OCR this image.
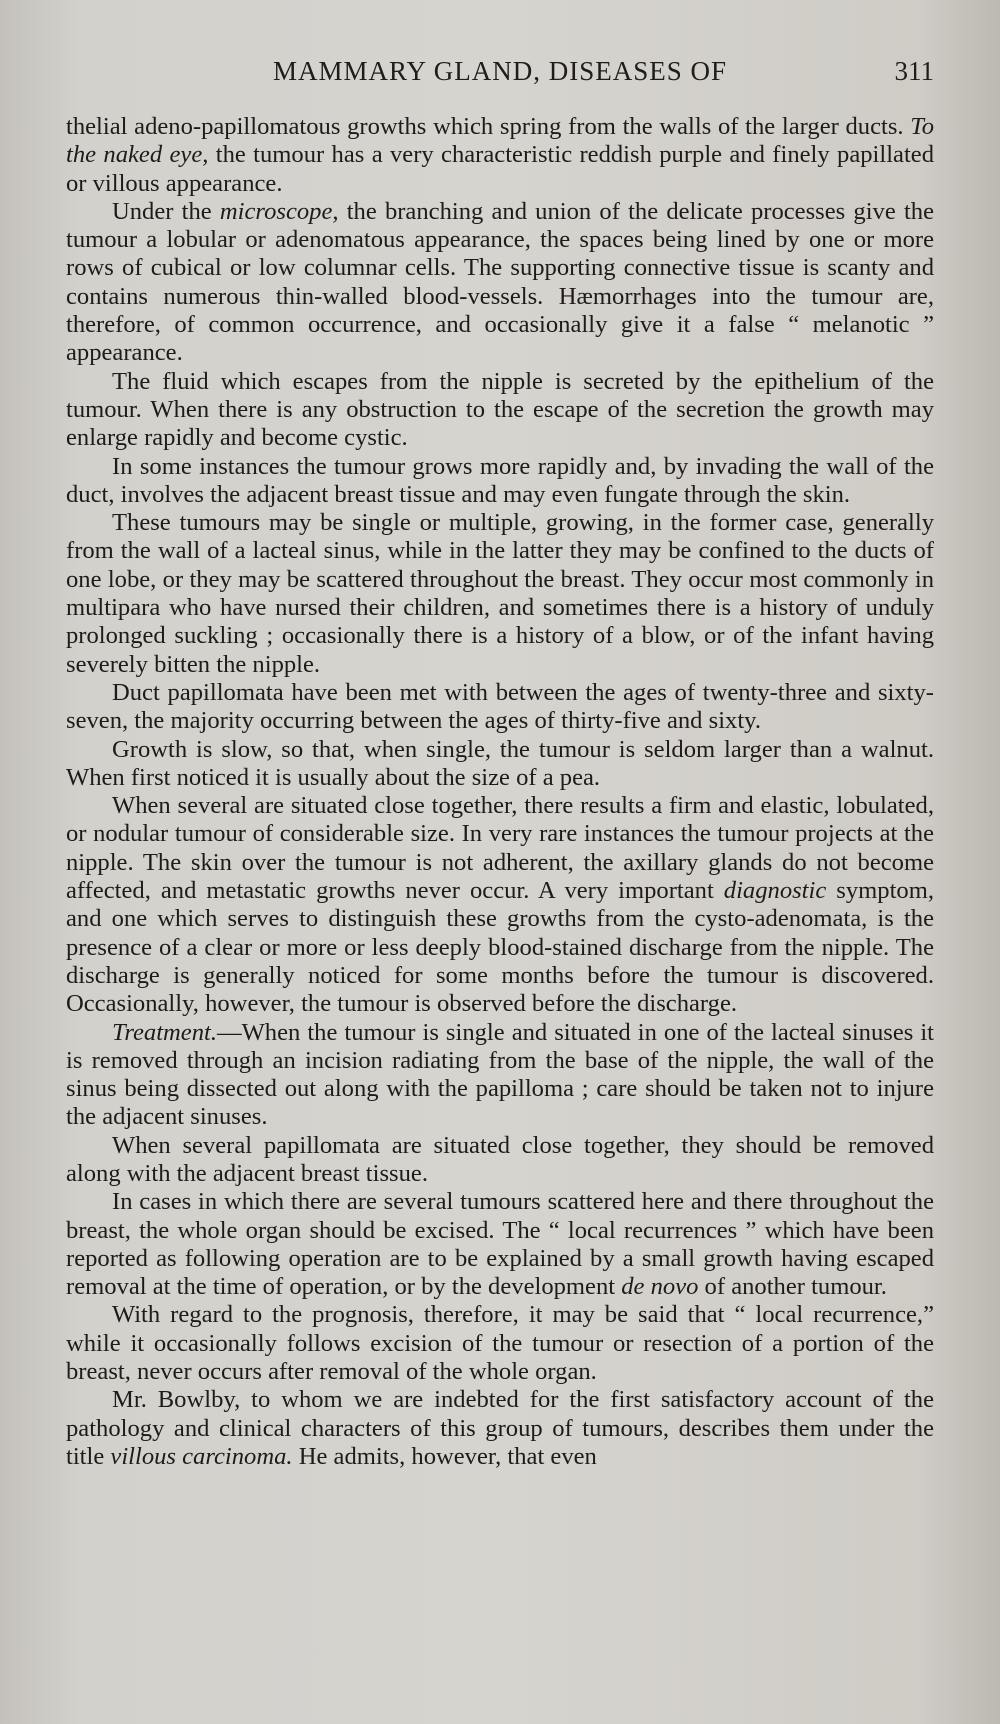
MAMMARY GLAND, DISEASES OF	311

thelial adeno-papillomatous growths which spring from the walls of the larger ducts. To the naked eye, the tumour has a very characteristic reddish purple and finely papillated or villous appearance.

Under the microscope, the branching and union of the delicate processes give the tumour a lobular or adenomatous appearance, the spaces being lined by one or more rows of cubical or low columnar cells. The supporting connective tissue is scanty and contains numerous thin-walled blood-vessels. Hæmorrhages into the tumour are, therefore, of common occurrence, and occasionally give it a false “ melanotic ” appearance.

The fluid which escapes from the nipple is secreted by the epithelium of the tumour. When there is any obstruction to the escape of the secretion the growth may enlarge rapidly and become cystic.

In some instances the tumour grows more rapidly and, by invading the wall of the duct, involves the adjacent breast tissue and may even fungate through the skin.

These tumours may be single or multiple, growing, in the former case, generally from the wall of a lacteal sinus, while in the latter they may be confined to the ducts of one lobe, or they may be scattered throughout the breast. They occur most commonly in multipara who have nursed their children, and sometimes there is a history of unduly prolonged suckling ; occasionally there is a history of a blow, or of the infant having severely bitten the nipple.

Duct papillomata have been met with between the ages of twenty-three and sixty-seven, the majority occurring between the ages of thirty-five and sixty.

Growth is slow, so that, when single, the tumour is seldom larger than a walnut. When first noticed it is usually about the size of a pea.

When several are situated close together, there results a firm and elastic, lobulated, or nodular tumour of considerable size. In very rare instances the tumour projects at the nipple. The skin over the tumour is not adherent, the axillary glands do not become affected, and metastatic growths never occur. A very important diagnostic symptom, and one which serves to distinguish these growths from the cysto-adenomata, is the presence of a clear or more or less deeply blood-stained discharge from the nipple. The discharge is generally noticed for some months before the tumour is discovered. Occasionally, however, the tumour is observed before the discharge.

Treatment.—When the tumour is single and situated in one of the lacteal sinuses it is removed through an incision radiating from the base of the nipple, the wall of the sinus being dissected out along with the papilloma ; care should be taken not to injure the adjacent sinuses.

When several papillomata are situated close together, they should be removed along with the adjacent breast tissue.

In cases in which there are several tumours scattered here and there throughout the breast, the whole organ should be excised. The “ local recurrences ” which have been reported as following operation are to be explained by a small growth having escaped removal at the time of operation, or by the development de novo of another tumour.

With regard to the prognosis, therefore, it may be said that “ local recurrence,” while it occasionally follows excision of the tumour or resection of a portion of the breast, never occurs after removal of the whole organ.

Mr. Bowlby, to whom we are indebted for the first satisfactory account of the pathology and clinical characters of this group of tumours, describes them under the title villous carcinoma. He admits, however, that even
